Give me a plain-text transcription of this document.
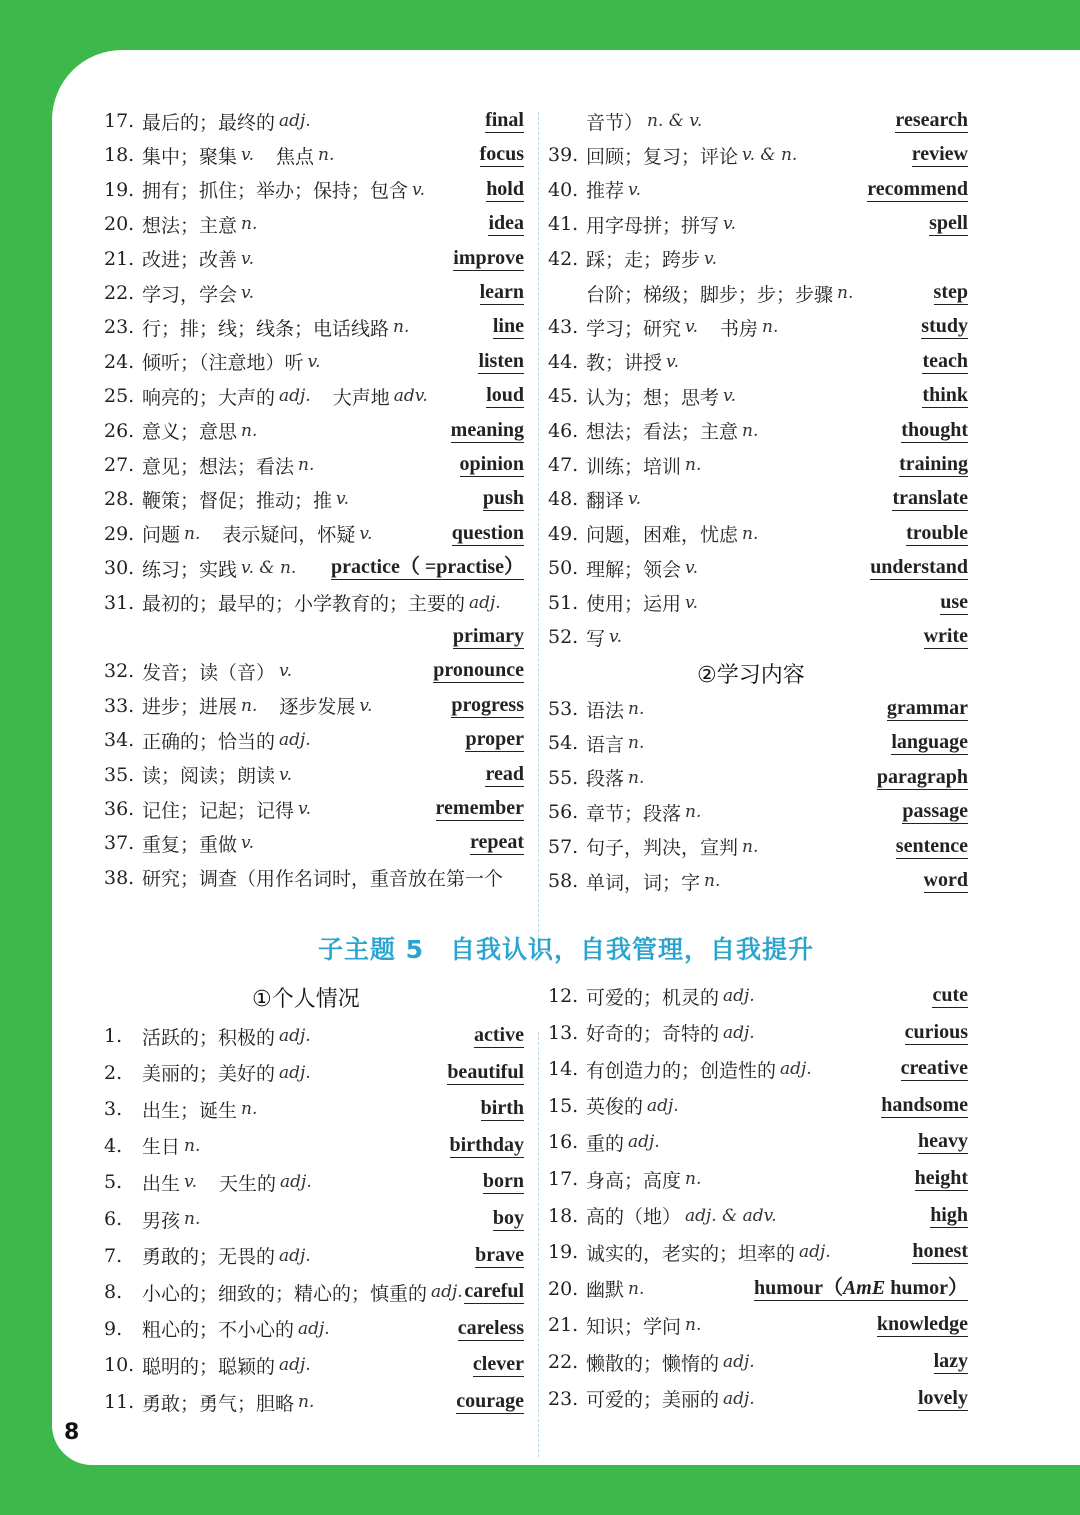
17. 最后的；最终的 adj.	final
18. 集中；聚集 v. 焦点 n.	focus
19. 拥有；抓住；举办；保持；包含 v.	hold
20. 想法；主意 n.	idea
21. 改进；改善 v.	improve
22. 学习，学会 v.	learn
23. 行；排；线；线条；电话线路 n.	line
24. 倾听；（注意地）听 v.	listen
25. 响亮的；大声的 adj. 大声地 adv.	loud
26. 意义；意思 n.	meaning
27. 意见；想法；看法 n.	opinion
28. 鞭策；督促；推动；推 v.	push
29. 问题 n. 表示疑问，怀疑 v.	question
30. 练习；实践 v. & n. practice（ =practise）
31. 最初的；最早的；小学教育的；主要的 adj.
primary
32. 发音；读（音） v.	pronounce
33. 进步；进展 n. 逐步发展 v.	progress
34. 正确的；恰当的 adj.	proper
35. 读；阅读；朗读 v.	read
36. 记住；记起；记得 v.	remember
37. 重复；重做 v.	repeat
38. 研究；调查（用作名词时，重音放在第一个
音节） n. & v.	research
39. 回顾；复习；评论 v. & n.	review
40. 推荐 v.	recommend
41. 用字母拼；拼写 v.	spell
42. 踩；走；跨步 v.
台阶；梯级；脚步；步；步骤 n.	step
43. 学习；研究 v. 书房 n.	study
44. 教；讲授 v.	teach
45. 认为；想；思考 v.	think
46. 想法；看法；主意 n.	thought
47. 训练；培训 n.	training
48. 翻译 v.	translate
49. 问题，困难，忧虑 n.	trouble
50. 理解；领会 v.	understand
51. 使用；运用 v.	use
52. 写 v.	write
②学习内容
53. 语法 n.	grammar
54. 语言 n.	language
55. 段落 n.	paragraph
56. 章节；段落 n.	passage
57. 句子，判决，宣判 n.	sentence
58. 单词，词；字 n.	word
子主题 5　自我认识，自我管理，自我提升
①个人情况
1.	活跃的；积极的 adj.	active
2.	美丽的；美好的 adj.	beautiful
3.	出生；诞生 n.	birth
4.	生日 n.	birthday
5.	出生 v. 天生的 adj.	born
6.	男孩 n.	boy
7.	勇敢的；无畏的 adj.	brave
8.	小心的；细致的；精心的；慎重的 adj. careful
9.	粗心的；不小心的 adj.	careless
10. 聪明的；聪颖的 adj.	clever
11. 勇敢；勇气；胆略 n.	courage
12. 可爱的；机灵的 adj.	cute
13. 好奇的；奇特的 adj.	curious
14. 有创造力的；创造性的 adj.	creative
15. 英俊的 adj.	handsome
16. 重的 adj.	heavy
17. 身高；高度 n.	height
18. 高的（地） adj. & adv.	high
19. 诚实的，老实的；坦率的 adj.	honest
20. 幽默 n.	humour（AmE humor）
21. 知识；学问 n.	knowledge
22. 懒散的；懒惰的 adj.	lazy
23. 可爱的；美丽的 adj.	lovely
8
